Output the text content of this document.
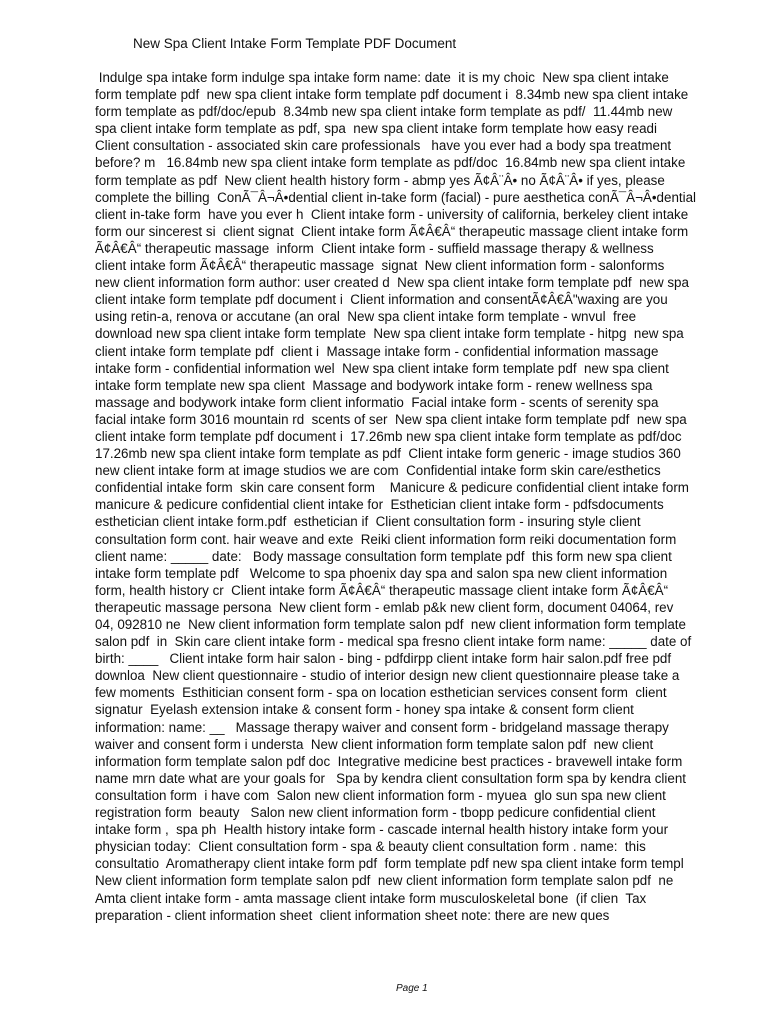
New Spa Client Intake Form Template PDF Document
Indulge spa intake form indulge spa intake form name: date  it is my choic  New spa client intake
form template pdf  new spa client intake form template pdf document i  8.34mb new spa client intake
form template as pdf/doc/epub  8.34mb new spa client intake form template as pdf/  11.44mb new
spa client intake form template as pdf, spa  new spa client intake form template how easy readi
Client consultation - associated skin care professionals   have you ever had a body spa treatment
before? m   16.84mb new spa client intake form template as pdf/doc  16.84mb new spa client intake
form template as pdf  New client health history form - abmp yes Ã¢Â¨Â• no Ã¢Â¨Â• if yes, please
complete the billing  ConÃ¯Â¬Â•dential client in-take form (facial) - pure aesthetica conÃ¯Â¬Â•dential
client in-take form  have you ever h  Client intake form - university of california, berkeley client intake
form our sincerest si  client signat  Client intake form Ã¢Â€Â“ therapeutic massage client intake form
Ã¢Â€Â“ therapeutic massage  inform  Client intake form - suffield massage therapy & wellness
client intake form Ã¢Â€Â“ therapeutic massage  signat  New client information form - salonforms
new client information form author: user created d  New spa client intake form template pdf  new spa
client intake form template pdf document i  Client information and consentÃ¢Â€Â"waxing are you
using retin-a, renova or accutane (an oral  New spa client intake form template - wnvul  free
download new spa client intake form template  New spa client intake form template - hitpg  new spa
client intake form template pdf  client i  Massage intake form - confidential information massage
intake form - confidential information wel  New spa client intake form template pdf  new spa client
intake form template new spa client  Massage and bodywork intake form - renew wellness spa
massage and bodywork intake form client informatio  Facial intake form - scents of serenity spa
facial intake form 3016 mountain rd  scents of ser  New spa client intake form template pdf  new spa
client intake form template pdf document i  17.26mb new spa client intake form template as pdf/doc
17.26mb new spa client intake form template as pdf  Client intake form generic - image studios 360
new client intake form at image studios we are com  Confidential intake form skin care/esthetics
confidential intake form  skin care consent form    Manicure & pedicure confidential client intake form
manicure & pedicure confidential client intake for  Esthetician client intake form - pdfsdocuments
esthetician client intake form.pdf  esthetician if  Client consultation form - insuring style client
consultation form cont. hair weave and exte  Reiki client information form reiki documentation form
client name: _____ date:   Body massage consultation form template pdf  this form new spa client
intake form template pdf   Welcome to spa phoenix day spa and salon spa new client information
form, health history cr  Client intake form Ã¢Â€Â“ therapeutic massage client intake form Ã¢Â€Â“
therapeutic massage persona  New client form - emlab p&k new client form, document 04064, rev
04, 092810 ne  New client information form template salon pdf  new client information form template
salon pdf  in  Skin care client intake form - medical spa fresno client intake form name: _____ date of
birth: ____   Client intake form hair salon - bing - pdfdirpp client intake form hair salon.pdf free pdf
downloa  New client questionnaire - studio of interior design new client questionnaire please take a
few moments  Esthitician consent form - spa on location esthetician services consent form  client
signatur  Eyelash extension intake & consent form - honey spa intake & consent form client
information: name: __   Massage therapy waiver and consent form - bridgeland massage therapy
waiver and consent form i understa  New client information form template salon pdf  new client
information form template salon pdf doc  Integrative medicine best practices - bravewell intake form
name mrn date what are your goals for   Spa by kendra client consultation form spa by kendra client
consultation form  i have com  Salon new client information form - myuea  glo sun spa new client
registration form  beauty   Salon new client information form - tbopp pedicure confidential client
intake form ,  spa ph  Health history intake form - cascade internal health history intake form your
physician today:  Client consultation form - spa & beauty client consultation form . name:  this
consultatio  Aromatherapy client intake form pdf  form template pdf new spa client intake form templ
New client information form template salon pdf  new client information form template salon pdf  ne
Amta client intake form - amta massage client intake form musculoskeletal bone  (if clien  Tax
preparation - client information sheet  client information sheet note: there are new ques
Page 1
